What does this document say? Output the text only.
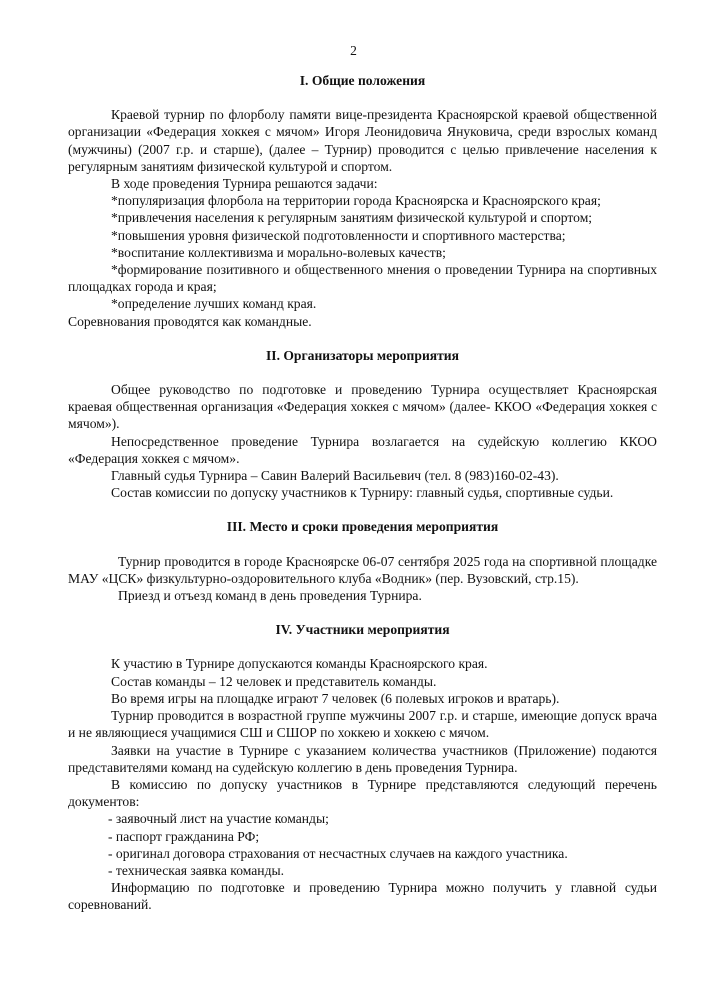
2
I. Общие положения

Краевой турнир по флорболу памяти вице-президента Красноярской краевой общественной организации «Федерация хоккея с мячом» Игоря Леонидовича Януковича, среди взрослых команд (мужчины) (2007 г.р. и старше), (далее – Турнир) проводится с целью привлечение населения к регулярным занятиям физической культурой и спортом.

В ходе проведения Турнира решаются задачи:

*популяризация флорбола на территории города Красноярска и Красноярского края;

*привлечения населения к регулярным занятиям физической культурой и спортом;

*повышения уровня физической подготовленности и спортивного мастерства;

*воспитание коллективизма и морально-волевых качеств;

*формирование позитивного и общественного мнения о проведении Турнира на спортивных площадках города и края;

*определение лучших команд края.

Соревнования проводятся как командные.

II. Организаторы мероприятия

Общее руководство по подготовке и проведению Турнира осуществляет Красноярская краевая общественная организация «Федерация хоккея с мячом» (далее- ККОО «Федерация хоккея с мячом»).

Непосредственное проведение Турнира возлагается на судейскую коллегию ККОО «Федерация хоккея с мячом».

Главный судья Турнира – Савин Валерий Васильевич (тел. 8 (983)160-02-43).

Состав комиссии по допуску участников к Турниру: главный судья, спортивные судьи.

III. Место и сроки проведения мероприятия

Турнир проводится в городе Красноярске 06-07 сентября 2025 года на спортивной площадке МАУ «ЦСК» физкультурно-оздоровительного клуба «Водник» (пер. Вузовский, стр.15).

Приезд и отъезд команд в день проведения Турнира.

IV. Участники мероприятия

К участию в Турнире допускаются команды Красноярского края.

Состав команды – 12 человек и представитель команды.

Во время игры на площадке играют 7 человек (6 полевых игроков и вратарь).

Турнир проводится в возрастной группе мужчины 2007 г.р. и старше, имеющие допуск врача и не являющиеся учащимися СШ и СШОР по хоккею и хоккею с мячом.

Заявки на участие в Турнире с указанием количества участников (Приложение) подаются представителями команд на судейскую коллегию в день проведения Турнира.

В комиссию по допуску участников в Турнире представляются следующий перечень документов:

- заявочный лист на участие команды;

- паспорт гражданина РФ;

- оригинал договора страхования от несчастных случаев на каждого участника.

- техническая заявка команды.

Информацию по подготовке и проведению Турнира можно получить у главной судьи соревнований.
